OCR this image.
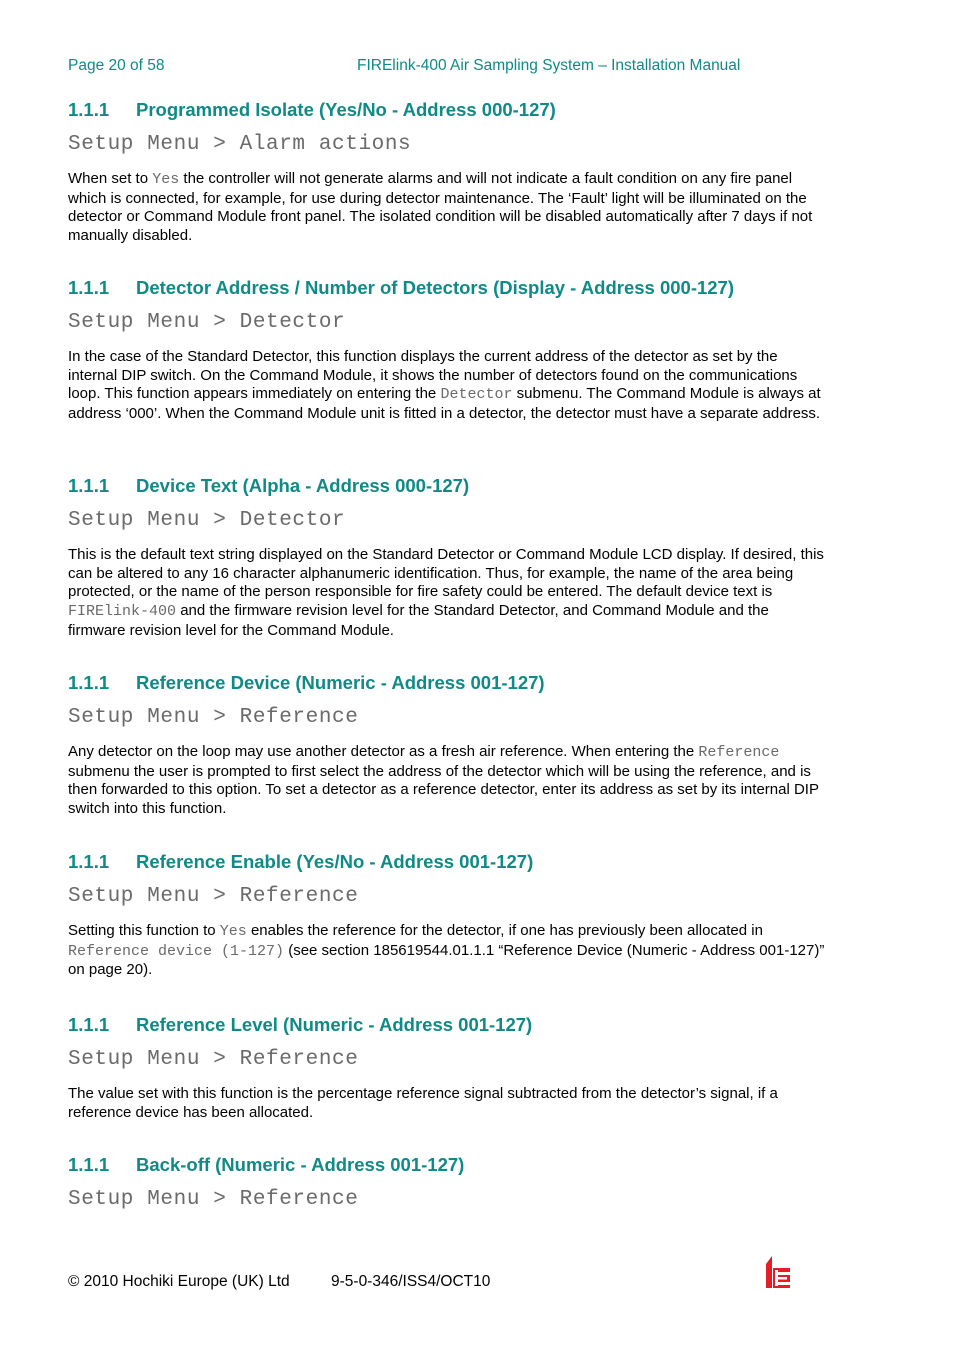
Page 20 of 58	FIRElink-400 Air Sampling System – Installation Manual
1.1.1 Programmed Isolate (Yes/No - Address 000-127)
Setup Menu > Alarm actions
When set to Yes the controller will not generate alarms and will not indicate a fault condition on any fire panel which is connected, for example, for use during detector maintenance. The ‘Fault’ light will be illuminated on the detector or Command Module front panel. The isolated condition will be disabled automatically after 7 days if not manually disabled.
1.1.1 Detector Address / Number of Detectors (Display - Address 000-127)
Setup Menu > Detector
In the case of the Standard Detector, this function displays the current address of the detector as set by the internal DIP switch. On the Command Module, it shows the number of detectors found on the communications loop. This function appears immediately on entering the Detector submenu. The Command Module is always at address ‘000’. When the Command Module unit is fitted in a detector, the detector must have a separate address.
1.1.1 Device Text (Alpha - Address 000-127)
Setup Menu > Detector
This is the default text string displayed on the Standard Detector or Command Module LCD display. If desired, this can be altered to any 16 character alphanumeric identification. Thus, for example, the name of the area being protected, or the name of the person responsible for fire safety could be entered. The default device text is FIRElink-400 and the firmware revision level for the Standard Detector, and Command Module and the firmware revision level for the Command Module.
1.1.1 Reference Device (Numeric - Address 001-127)
Setup Menu > Reference
Any detector on the loop may use another detector as a fresh air reference. When entering the Reference submenu the user is prompted to first select the address of the detector which will be using the reference, and is then forwarded to this option. To set a detector as a reference detector, enter its address as set by its internal DIP switch into this function.
1.1.1 Reference Enable (Yes/No - Address 001-127)
Setup Menu > Reference
Setting this function to Yes enables the reference for the detector, if one has previously been allocated in Reference device (1-127) (see section 185619544.01.1.1 “Reference Device (Numeric - Address 001-127)” on page 20).
1.1.1 Reference Level (Numeric - Address 001-127)
Setup Menu > Reference
The value set with this function is the percentage reference signal subtracted from the detector’s signal, if a reference device has been allocated.
1.1.1 Back-off (Numeric - Address 001-127)
Setup Menu > Reference
© 2010 Hochiki Europe (UK) Ltd	9-5-0-346/ISS4/OCT10
